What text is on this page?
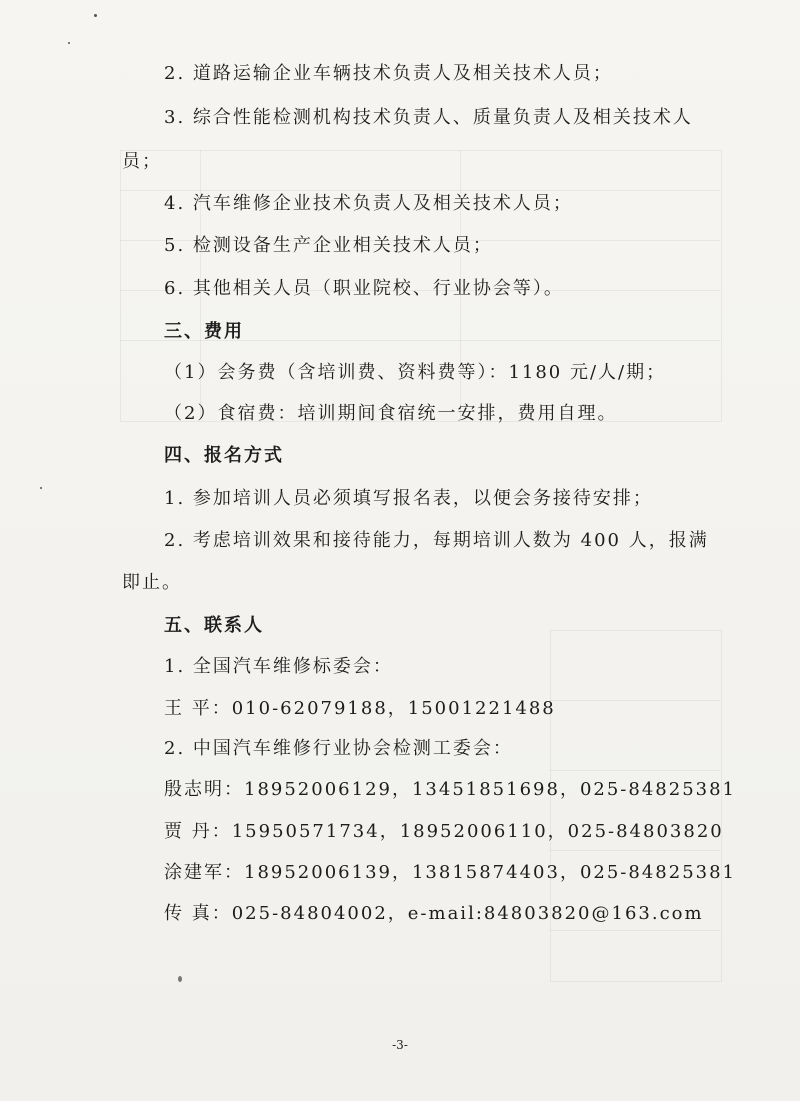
2. 道路运输企业车辆技术负责人及相关技术人员；
3. 综合性能检测机构技术负责人、质量负责人及相关技术人
员；
4. 汽车维修企业技术负责人及相关技术人员；
5. 检测设备生产企业相关技术人员；
6. 其他相关人员（职业院校、行业协会等）。
三、费用
（1）会务费（含培训费、资料费等）：1180 元/人/期；
（2）食宿费：培训期间食宿统一安排，费用自理。
四、报名方式
1. 参加培训人员必须填写报名表，以便会务接待安排；
2. 考虑培训效果和接待能力，每期培训人数为 400 人，报满
即止。
五、联系人
1. 全国汽车维修标委会：
王 平：010-62079188，15001221488
2. 中国汽车维修行业协会检测工委会：
殷志明：18952006129，13451851698，025-84825381
贾 丹：15950571734，18952006110，025-84803820
涂建军：18952006139，13815874403，025-84825381
传 真：025-84804002，e-mail:84803820@163.com
-3-
